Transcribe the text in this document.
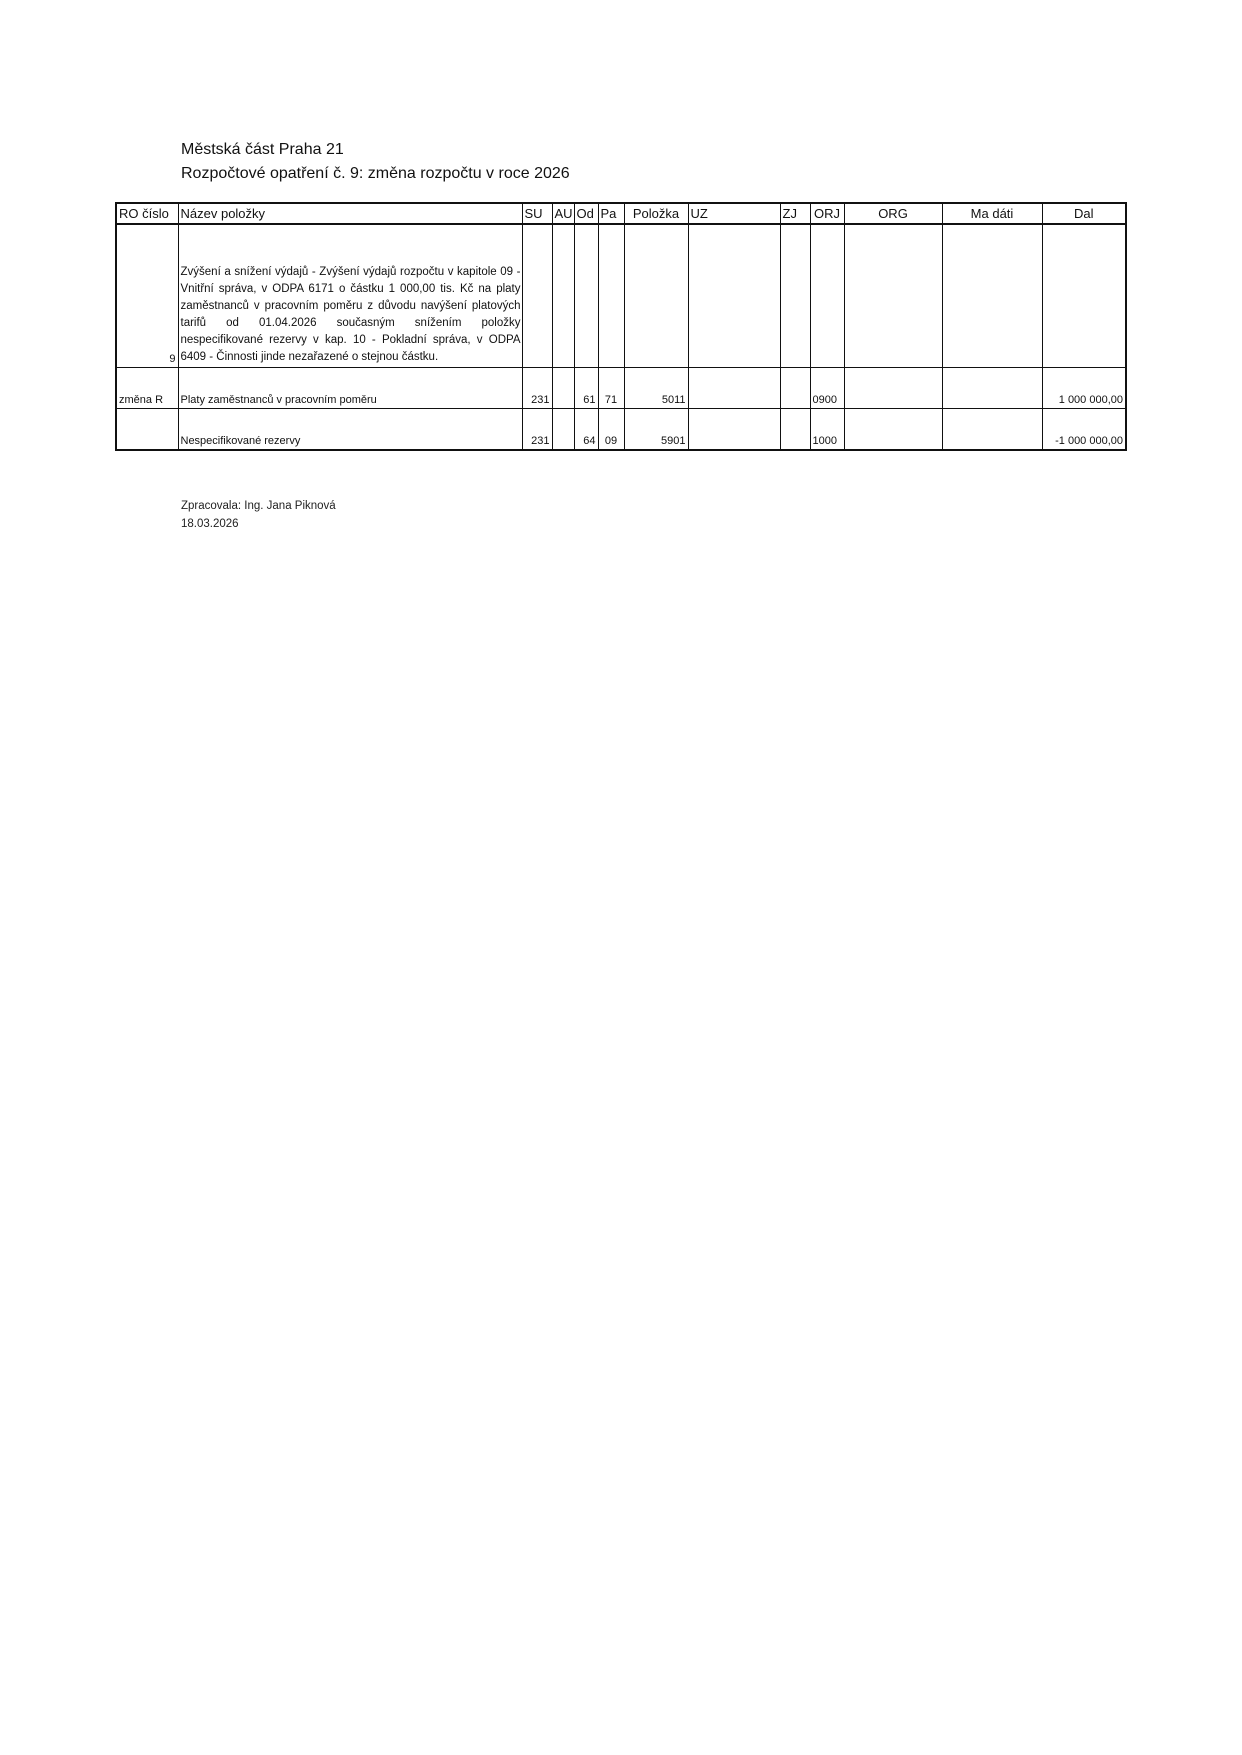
Městská část Praha 21
Rozpočtové opatření č. 9: změna rozpočtu v roce 2026
RO číslo	Název položky	SU	AU	Od	Pa	Položka	UZ	ZJ	ORJ	ORG	Ma dáti	Dal
9	Zvýšení a snížení výdajů - Zvýšení výdajů rozpočtu v kapitole 09 - Vnitřní správa, v ODPA 6171 o částku 1 000,00 tis. Kč na platy zaměstnanců v pracovním poměru z důvodu navýšení platových tarifů od 01.04.2026 současným snížením položky nespecifikované rezervy v kap. 10 - Pokladní správa, v ODPA 6409 - Činnosti jinde nezařazené o stejnou částku.											
změna R	Platy zaměstnanců v pracovním poměru	231		61	71	5011			0900			1 000 000,00
	Nespecifikované rezervy	231		64	09	5901			1000			-1 000 000,00
Zpracovala: Ing. Jana Piknová
18.03.2026
